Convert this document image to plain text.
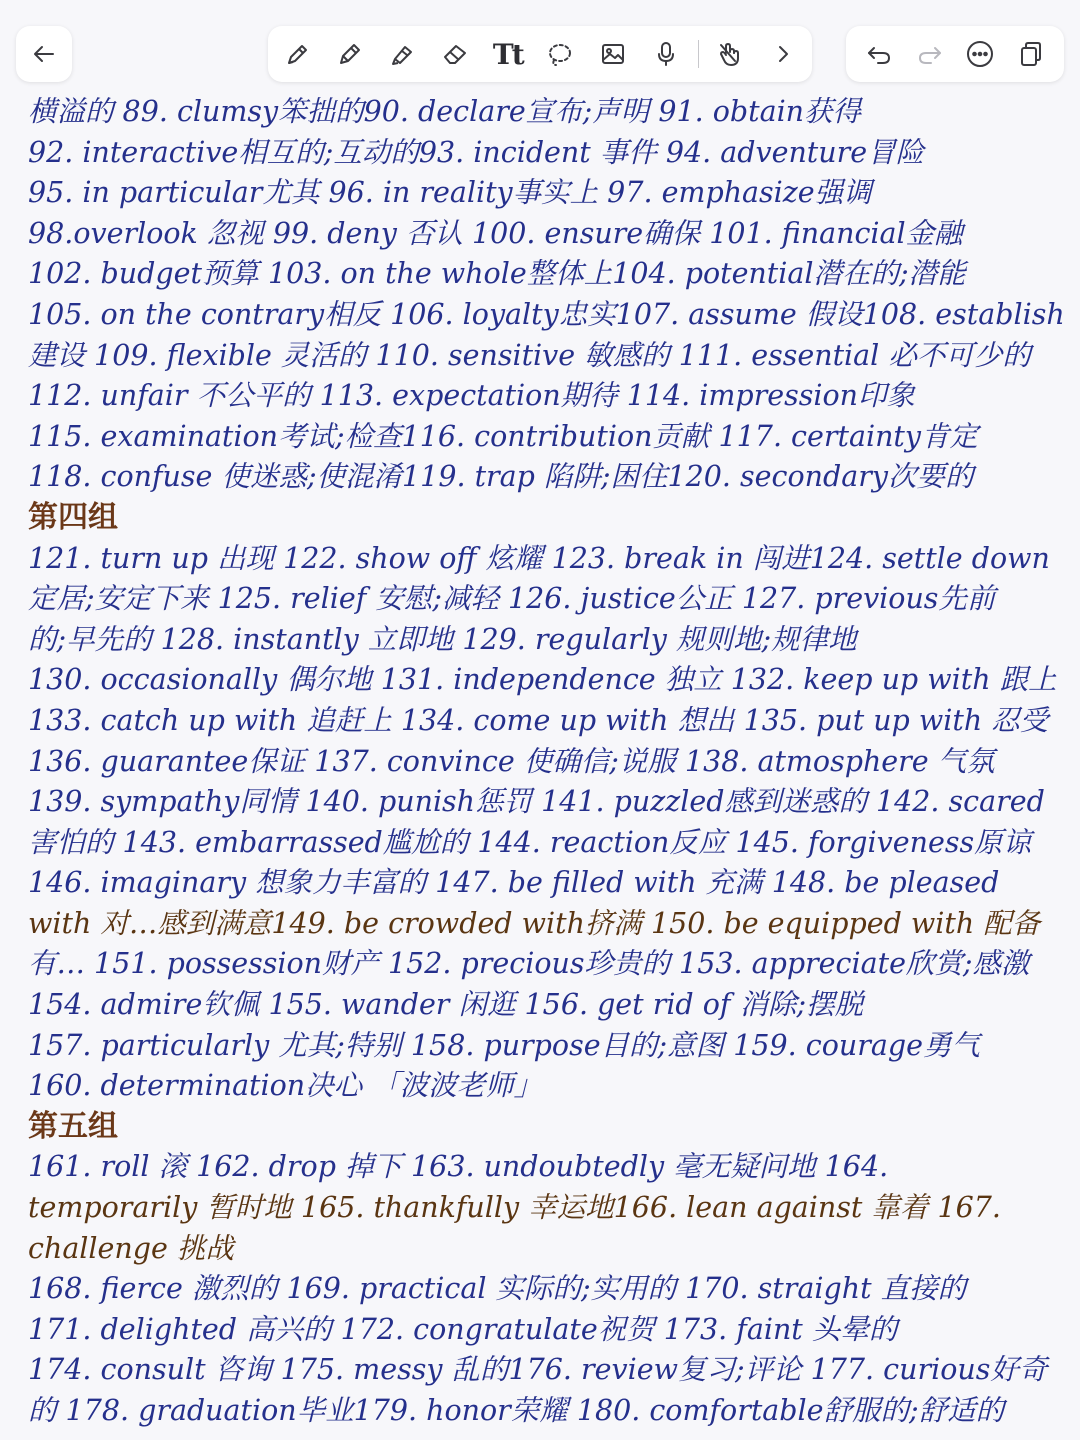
Tt
横溢的 89. clumsy笨拙的90. declare宣布;声明 91. obtain获得
92. interactive相互的;互动的93. incident 事件 94. adventure冒险
95. in particular尤其 96. in reality事实上 97. emphasize强调
98.overlook 忽视 99. deny 否认 100. ensure确保 101. financial金融
102. budget预算 103. on the whole整体上104. potential潜在的;潜能
105. on the contrary相反 106. loyalty忠实107. assume 假设108. establish
建设 109. flexible 灵活的 110. sensitive 敏感的 111. essential 必不可少的
112. unfair 不公平的 113. expectation期待 114. impression印象
115. examination考试;检查116. contribution贡献 117. certainty肯定
118. confuse 使迷惑;使混淆119. trap 陷阱;困住120. secondary次要的
第四组
121. turn up 出现 122. show off 炫耀 123. break in 闯进124. settle down
定居;安定下来 125. relief 安慰;减轻 126. justice公正 127. previous先前
的;早先的 128. instantly 立即地 129. regularly 规则地;规律地
130. occasionally 偶尔地 131. independence 独立 132. keep up with 跟上
133. catch up with 追赶上 134. come up with 想出 135. put up with 忍受
136. guarantee保证 137. convince 使确信;说服 138. atmosphere 气氛
139. sympathy同情 140. punish惩罚 141. puzzled感到迷惑的 142. scared
害怕的 143. embarrassed尴尬的 144. reaction反应 145. forgiveness原谅
146. imaginary 想象力丰富的 147. be filled with 充满 148. be pleased
with 对…感到满意149. be crowded with挤满 150. be equipped with 配备
有… 151. possession财产 152. precious珍贵的 153. appreciate欣赏;感激
154. admire钦佩 155. wander 闲逛 156. get rid of 消除;摆脱
157. particularly 尤其;特别 158. purpose目的;意图 159. courage勇气
160. determination决心 「波波老师」
第五组
161. roll 滚 162. drop 掉下 163. undoubtedly 毫无疑问地 164.
temporarily 暂时地 165. thankfully 幸运地166. lean against 靠着 167.
challenge 挑战
168. fierce 激烈的 169. practical 实际的;实用的 170. straight 直接的
171. delighted 高兴的 172. congratulate祝贺 173. faint 头晕的
174. consult 咨询 175. messy 乱的176. review复习;评论 177. curious好奇
的 178. graduation毕业179. honor荣耀 180. comfortable舒服的;舒适的
